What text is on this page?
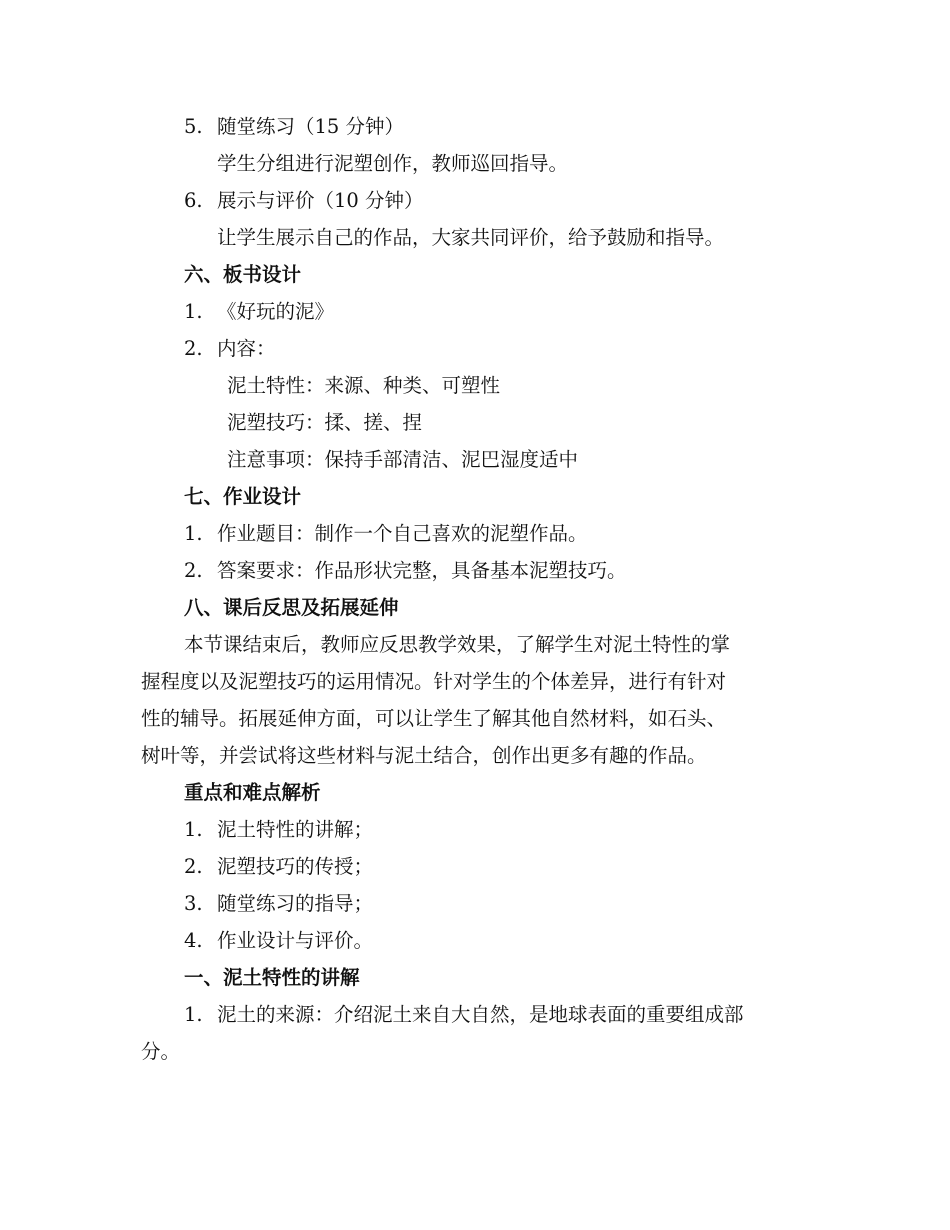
5. 随堂练习（15 分钟）
学生分组进行泥塑创作，教师巡回指导。
6. 展示与评价（10 分钟）
让学生展示自己的作品，大家共同评价，给予鼓励和指导。
六、板书设计
1. 《好玩的泥》
2. 内容：
泥土特性：来源、种类、可塑性
泥塑技巧：揉、搓、捏
注意事项：保持手部清洁、泥巴湿度适中
七、作业设计
1. 作业题目：制作一个自己喜欢的泥塑作品。
2. 答案要求：作品形状完整，具备基本泥塑技巧。
八、课后反思及拓展延伸
本节课结束后，教师应反思教学效果，了解学生对泥土特性的掌
握程度以及泥塑技巧的运用情况。针对学生的个体差异，进行有针对
性的辅导。拓展延伸方面，可以让学生了解其他自然材料，如石头、
树叶等，并尝试将这些材料与泥土结合，创作出更多有趣的作品。
重点和难点解析
1. 泥土特性的讲解；
2. 泥塑技巧的传授；
3. 随堂练习的指导；
4. 作业设计与评价。
一、泥土特性的讲解
1. 泥土的来源：介绍泥土来自大自然，是地球表面的重要组成部
分。
